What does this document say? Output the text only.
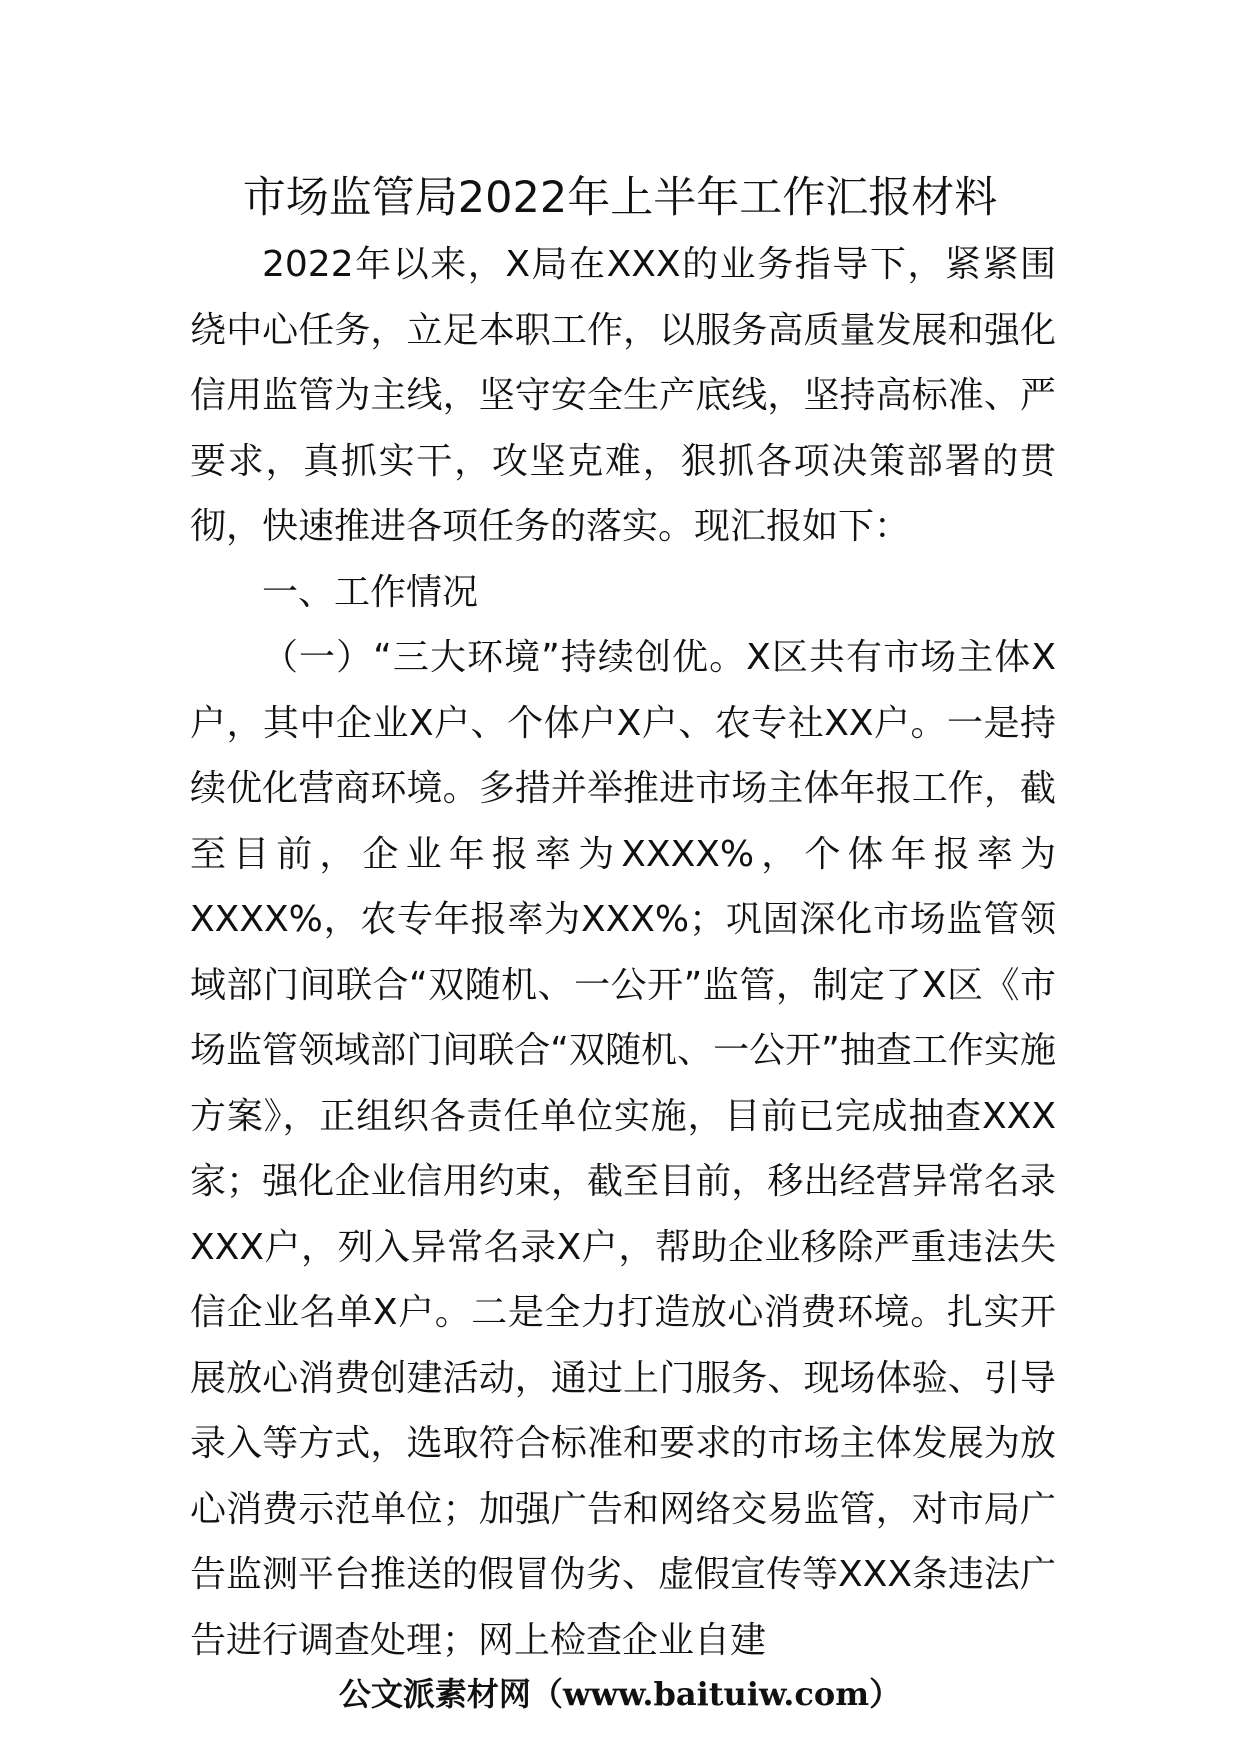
市场监管局2022年上半年工作汇报材料

2022年以来，X局在XXX的业务指导下，紧紧围绕中心任务，立足本职工作，以服务高质量发展和强化信用监管为主线，坚守安全生产底线，坚持高标准、严要求，真抓实干，攻坚克难，狠抓各项决策部署的贯彻，快速推进各项任务的落实。现汇报如下：

一、工作情况

（一）“三大环境”持续创优。X区共有市场主体X户，其中企业X户、个体户X户、农专社XX户。一是持续优化营商环境。多措并举推进市场主体年报工作，截至目前，企业年报率为XXXX%，个体年报率为XXXX%，农专年报率为XXX%；巩固深化市场监管领域部门间联合“双随机、一公开”监管，制定了X区《市场监管领域部门间联合“双随机、一公开”抽查工作实施方案》，正组织各责任单位实施，目前已完成抽查XXX家；强化企业信用约束，截至目前，移出经营异常名录XXX户，列入异常名录X户，帮助企业移除严重违法失信企业名单X户。二是全力打造放心消费环境。扎实开展放心消费创建活动，通过上门服务、现场体验、引导录入等方式，选取符合标准和要求的市场主体发展为放心消费示范单位；加强广告和网络交易监管，对市局广告监测平台推送的假冒伪劣、虚假宣传等XXX条违法广告进行调查处理；网上检查企业自建

公文派素材网（www.baituiw.com）
